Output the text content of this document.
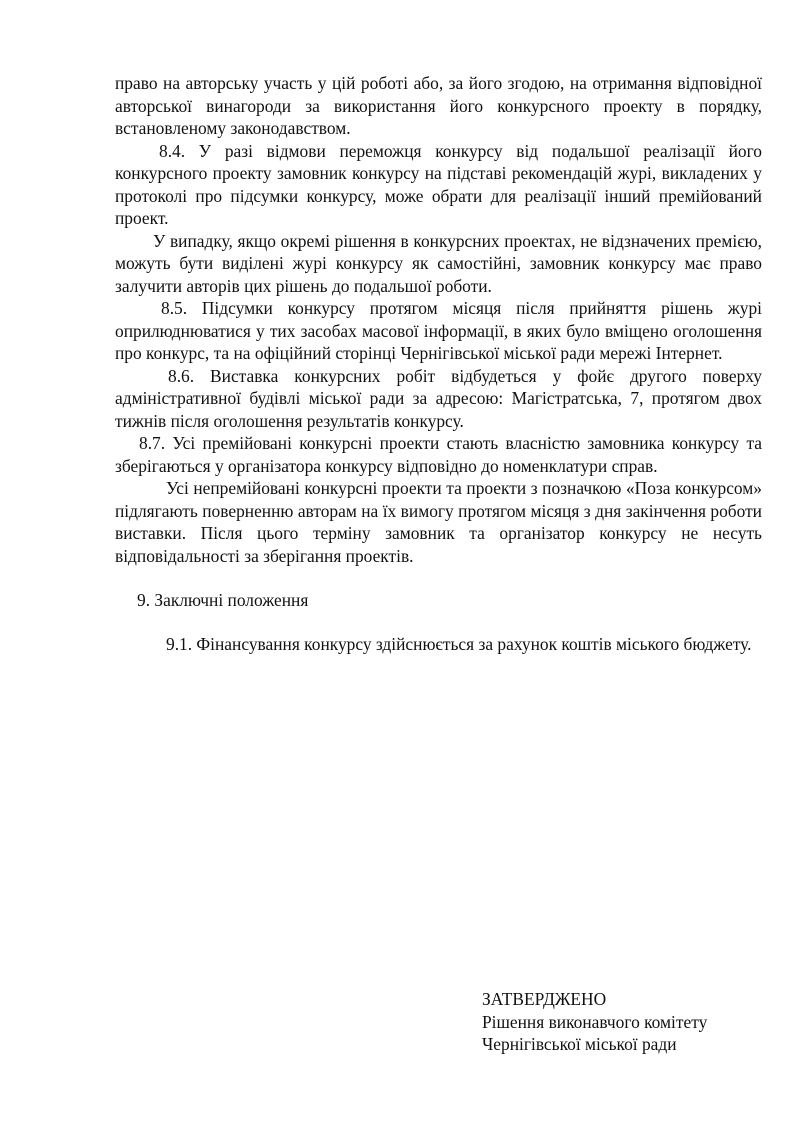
право на авторську участь у цій роботі або, за його згодою, на отримання відповідної авторської винагороди за використання його конкурсного проекту в порядку, встановленому законодавством.

8.4. У разі відмови переможця конкурсу від подальшої реалізації його конкурсного проекту замовник конкурсу на підставі рекомендацій журі, викладених у протоколі про підсумки конкурсу, може обрати для реалізації інший премійований проект.

У випадку, якщо окремі рішення в конкурсних проектах, не відзначених премією, можуть бути виділені журі конкурсу як самостійні, замовник конкурсу має право залучити авторів цих рішень до подальшої роботи.

8.5. Підсумки конкурсу протягом місяця після прийняття рішень журі оприлюднюватися у тих засобах масової інформації, в яких було вміщено оголошення про конкурс, та на офіційний сторінці Чернігівської міської ради мережі Інтернет.

8.6. Виставка конкурсних робіт відбудеться у фойє другого поверху адміністративної будівлі міської ради за адресою: Магістратська, 7, протягом двох тижнів після оголошення результатів конкурсу.

8.7. Усі премійовані конкурсні проекти стають власністю замовника конкурсу та зберігаються у організатора конкурсу відповідно до номенклатури справ.

Усі непремійовані конкурсні проекти та проекти з позначкою «Поза конкурсом» підлягають поверненню авторам на їх вимогу протягом місяця з дня закінчення роботи виставки. Після цього терміну замовник та організатор конкурсу не несуть відповідальності за зберігання проектів.

9. Заключні положення

9.1. Фінансування конкурсу здійснюється за рахунок коштів міського бюджету.

ЗАТВЕРДЖЕНО
Рішення виконавчого комітету
Чернігівської міської ради
